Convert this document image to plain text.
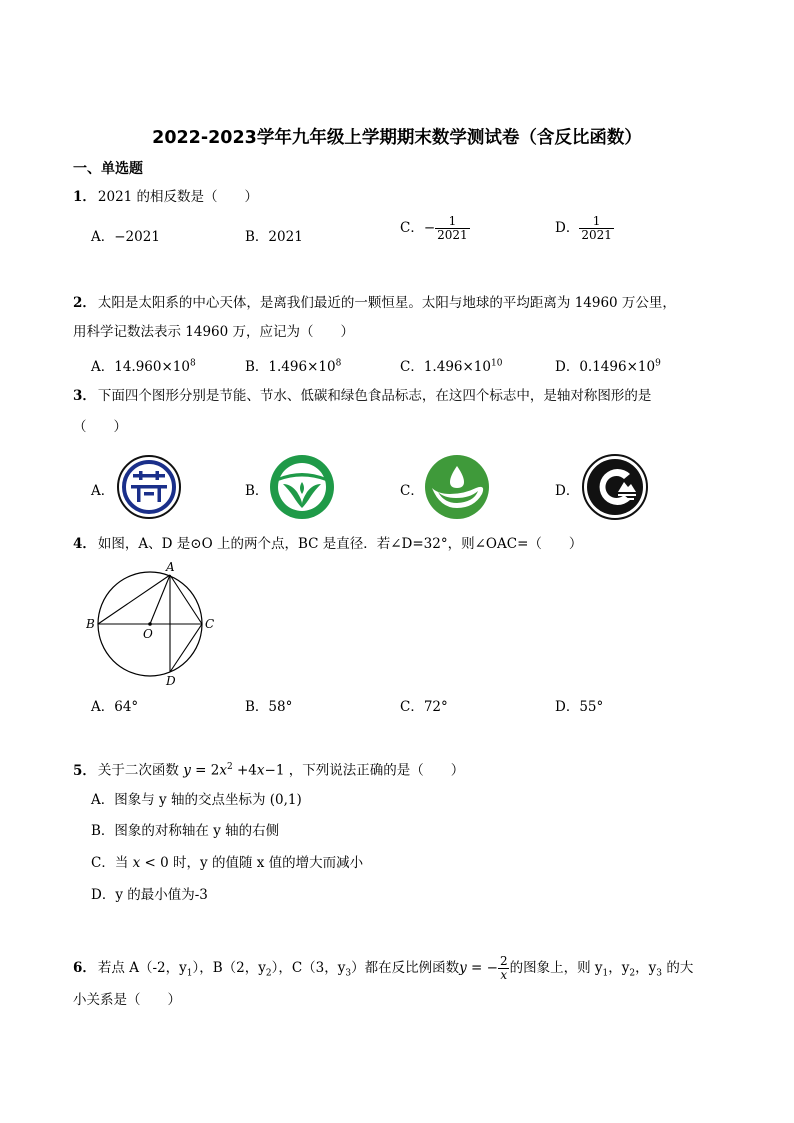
2022-2023学年九年级上学期期末数学测试卷（含反比函数）
一、单选题
1． 2021 的相反数是（　　）
A．−2021	B．2021
C．− $\frac{1}{2021}$	D． $\frac{1}{2021}$
2． 太阳是太阳系的中心天体，是离我们最近的一颗恒星。太阳与地球的平均距离为 14960 万公里，
用科学记数法表示 14960 万，应记为（　　）
A．$14.960\times 10^8$	B．$1.496\times 10^8$	C．$1.496\times 10^{10}$	D．$0.1496\times 10^9$
3． 下面四个图形分别是节能、节水、低碳和绿色食品标志，在这四个标志中，是轴对称图形的是
（　　）
A．	B．	C．	D．
4． 如图，A、D 是⊙O 上的两个点，BC 是直径．若∠D=32°，则∠OAC=（　　）
A
B	C
D
O
A．64°	B．58°	C．72°	D．55°
5． 关于二次函数 $y = 2x^2 +4x-1$ ，下列说法正确的是（　　）
A．图象与 y 轴的交点坐标为 (0,1)
B．图象的对称轴在 y 轴的右侧
C．当 x < 0 时，y 的值随 x 值的增大而减小
D．y 的最小值为-3
6． 若点 A（-2，$y_1$），B（2，$y_2$），C（3，$y_3$）都在反比例函数y = − $\frac{2}{x}$ 的图象上，则 $y_1$，$y_2$，$y_3$ 的大
小关系是（　　）
